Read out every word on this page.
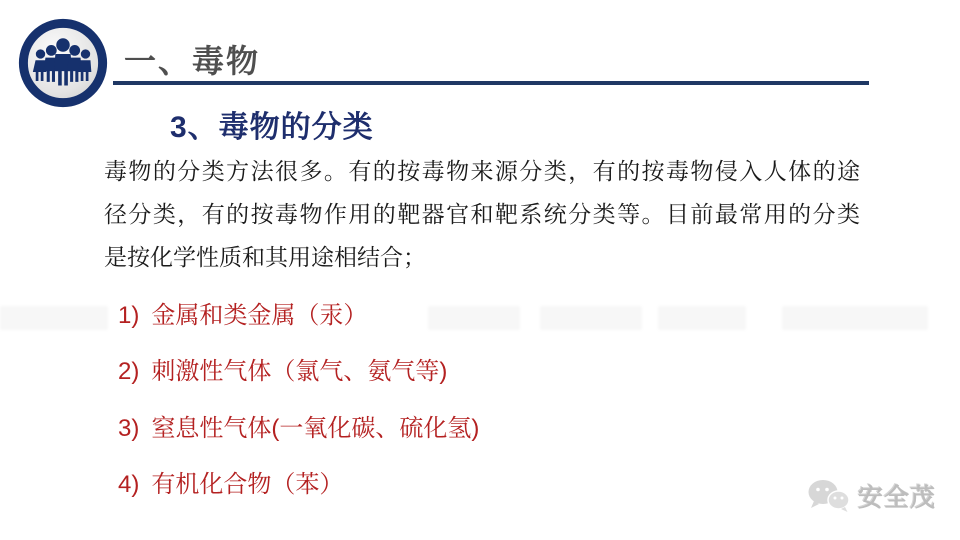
一、毒物
3、毒物的分类
毒物的分类方法很多。有的按毒物来源分类，有的按毒物侵入人体的途
径分类，有的按毒物作用的靶器官和靶系统分类等。目前最常用的分类
是按化学性质和其用途相结合；
1) 金属和类金属（汞）
2) 刺激性气体（氯气、氨气等)
3) 窒息性气体(一氧化碳、硫化氢)
4) 有机化合物（苯）	安全茂
